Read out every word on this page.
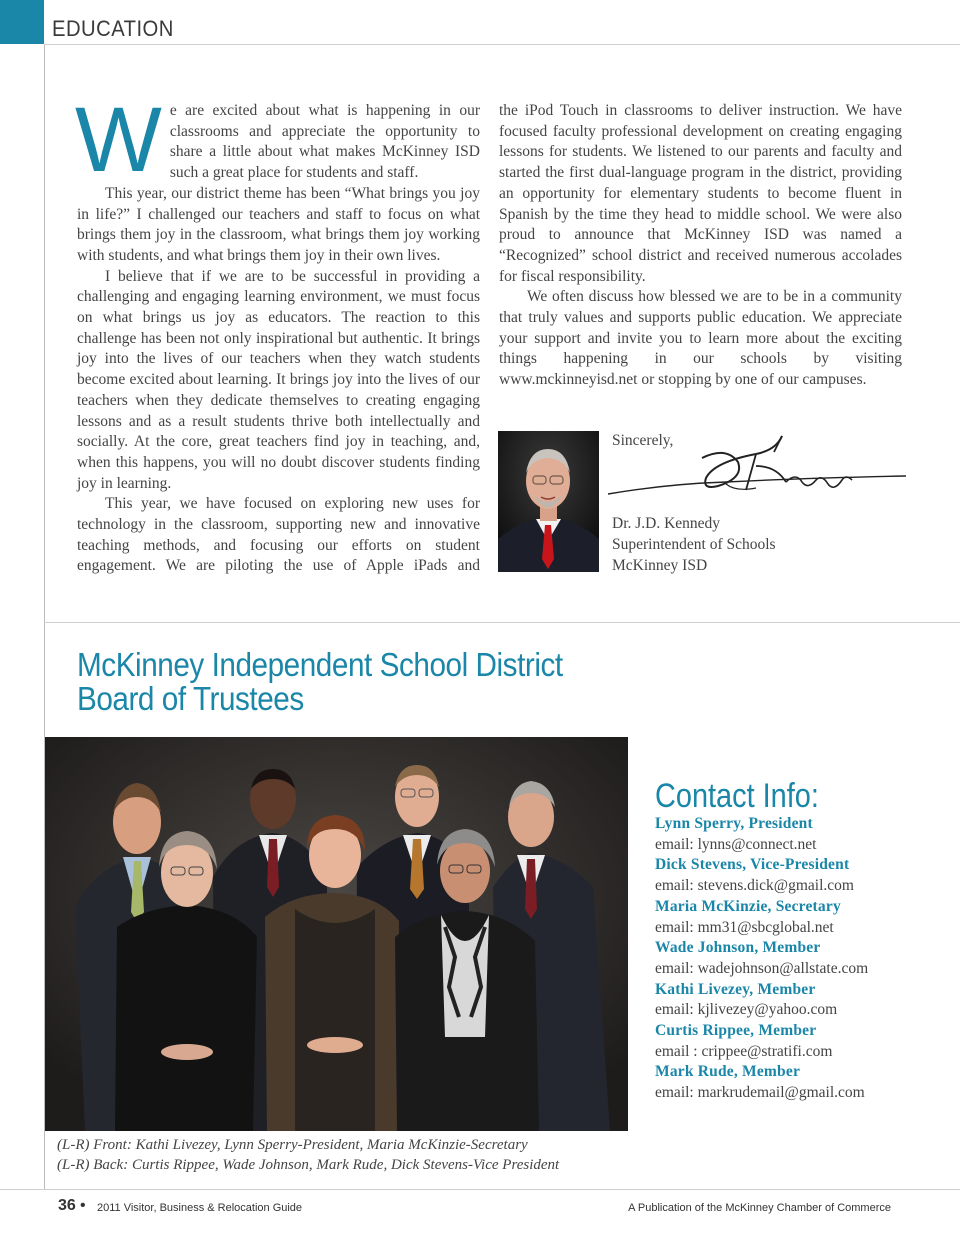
EDUCATION

We are excited about what is happening in our classrooms and appreciate the opportunity to share a little about what makes McKinney ISD such a great place for students and staff.

This year, our district theme has been “What brings you joy in life?” I challenged our teachers and staff to focus on what brings them joy in the classroom, what brings them joy working with students, and what brings them joy in their own lives.

I believe that if we are to be successful in providing a challenging and engaging learning environment, we must focus on what brings us joy as educators. The reaction to this challenge has been not only inspirational but authentic. It brings joy into the lives of our teachers when they watch students become excited about learning. It brings joy into the lives of our teachers when they dedicate themselves to creating engaging lessons and as a result students thrive both intellectually and socially. At the core, great teachers find joy in teaching, and, when this happens, you will no doubt discover students finding joy in learning.

This year, we have focused on exploring new uses for technology in the classroom, supporting new and innovative teaching methods, and focusing our efforts on student engagement. We are piloting the use of Apple iPads and

the iPod Touch in classrooms to deliver instruction. We have focused faculty professional development on creating engaging lessons for students. We listened to our parents and faculty and started the first dual-language program in the district, providing an opportunity for elementary students to become fluent in Spanish by the time they head to middle school. We were also proud to announce that McKinney ISD was named a “Recognized” school district and received numerous accolades for fiscal responsibility.

We often discuss how blessed we are to be in a community that truly values and supports public education. We appreciate your support and invite you to learn more about the exciting things happening in our schools by visiting www.mckinneyisd.net or stopping by one of our campuses.

Sincerely,
Dr. J.D. Kennedy
Superintendent of Schools
McKinney ISD
McKinney Independent School District
Board of Trustees
(L-R) Front: Kathi Livezey, Lynn Sperry-President, Maria McKinzie-Secretary
(L-R) Back: Curtis Rippee, Wade Johnson, Mark Rude, Dick Stevens-Vice President
Contact Info:
Lynn Sperry, President
email: lynns@connect.net
Dick Stevens, Vice-President
email: stevens.dick@gmail.com
Maria McKinzie, Secretary
email: mm31@sbcglobal.net
Wade Johnson, Member
email: wadejohnson@allstate.com
Kathi Livezey, Member
email: kjlivezey@yahoo.com
Curtis Rippee, Member
email : crippee@stratifi.com
Mark Rude, Member
email: markrudemail@gmail.com
36 • 2011 Visitor, Business & Relocation Guide	A Publication of the McKinney Chamber of Commerce
